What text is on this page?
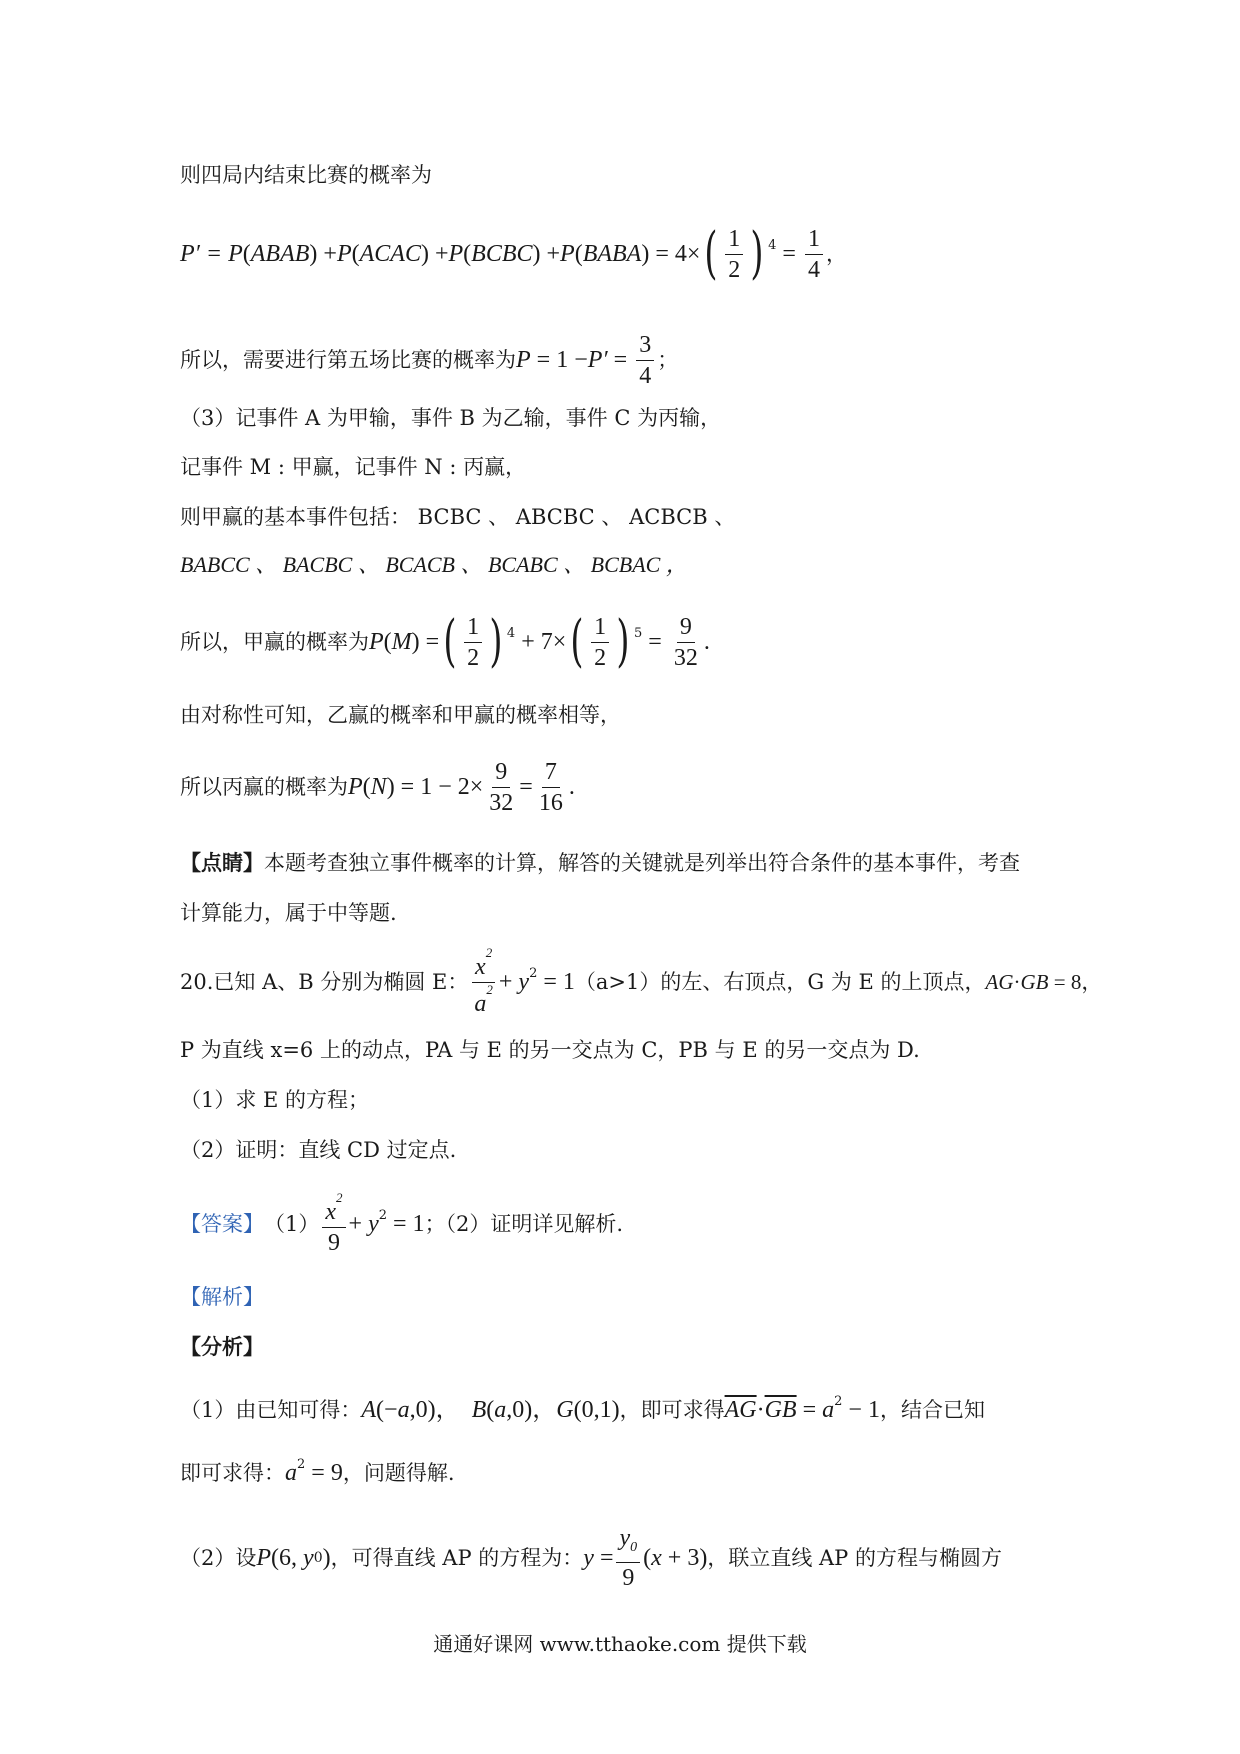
则四局内结束比赛的概率为
P′ = P ( ABAB ) + P ( ACAC ) + P ( BCBC ) + P ( BABA ) = 4× ( $\frac{1}{2}$ ) $^4 = \frac{1}{4}$ ，
所以，需要进行第五场比赛的概率为 $P = 1 - P' = \frac{3}{4}$ ；
（3）记事件 A 为甲输，事件 B 为乙输，事件 C 为丙输，
记事件 M : 甲赢，记事件 N : 丙赢，
则甲赢的基本事件包括： BCBC 、 ABCBC 、 ACBCB 、
BABCC 、 BACBC 、 BCACB 、 BCABC 、 BCBAC ，
所以，甲赢的概率为 P ( M ) = ( $\frac{1}{2}$ ) $^4$ + 7× ( $\frac{1}{2}$ ) $^5 = \frac{9}{32}$ .
由对称性可知，乙赢的概率和甲赢的概率相等，
所以丙赢的概率为 P ( N ) = $1 - 2\times \frac{9}{32} = \frac{7}{16}$ .
【点睛】 本题考查独立事件概率的计算，解答的关键就是列举出符合条件的基本事件，考查
计算能力，属于中等题.
20.已知 A、B 分别为椭圆 E： $\frac{x^2}{a^2} + y^2 = 1$ （a>1）的左、右顶点，G 为 E 的上顶点， AG · GB = 8 ，
P 为直线 x=6 上的动点，PA 与 E 的另一交点为 C，PB 与 E 的另一交点为 D.
（1）求 E 的方程；
（2）证明：直线 CD 过定点.
【答案】 $(1) \frac{x^2}{9} + y^2 = 1$ ；（2）证明详见解析.
【解析】
【分析】
（1）由已知可得： A (− a ,0)， B ( a ,0)， G (0,1) ，即可求得 $\overline{AG} \cdot \overline{GB} = a^2 - 1$ ，结合已知
即可求得： $a^2 = 9$ ，问题得解.
（2）设 P (6, y 0 ) ，可得直线 AP 的方程为： $y = \frac{y_0}{9}$ ( x + 3) ，联立直线 AP 的方程与椭圆方
通通好课网 www.tthaoke.com 提供下载
